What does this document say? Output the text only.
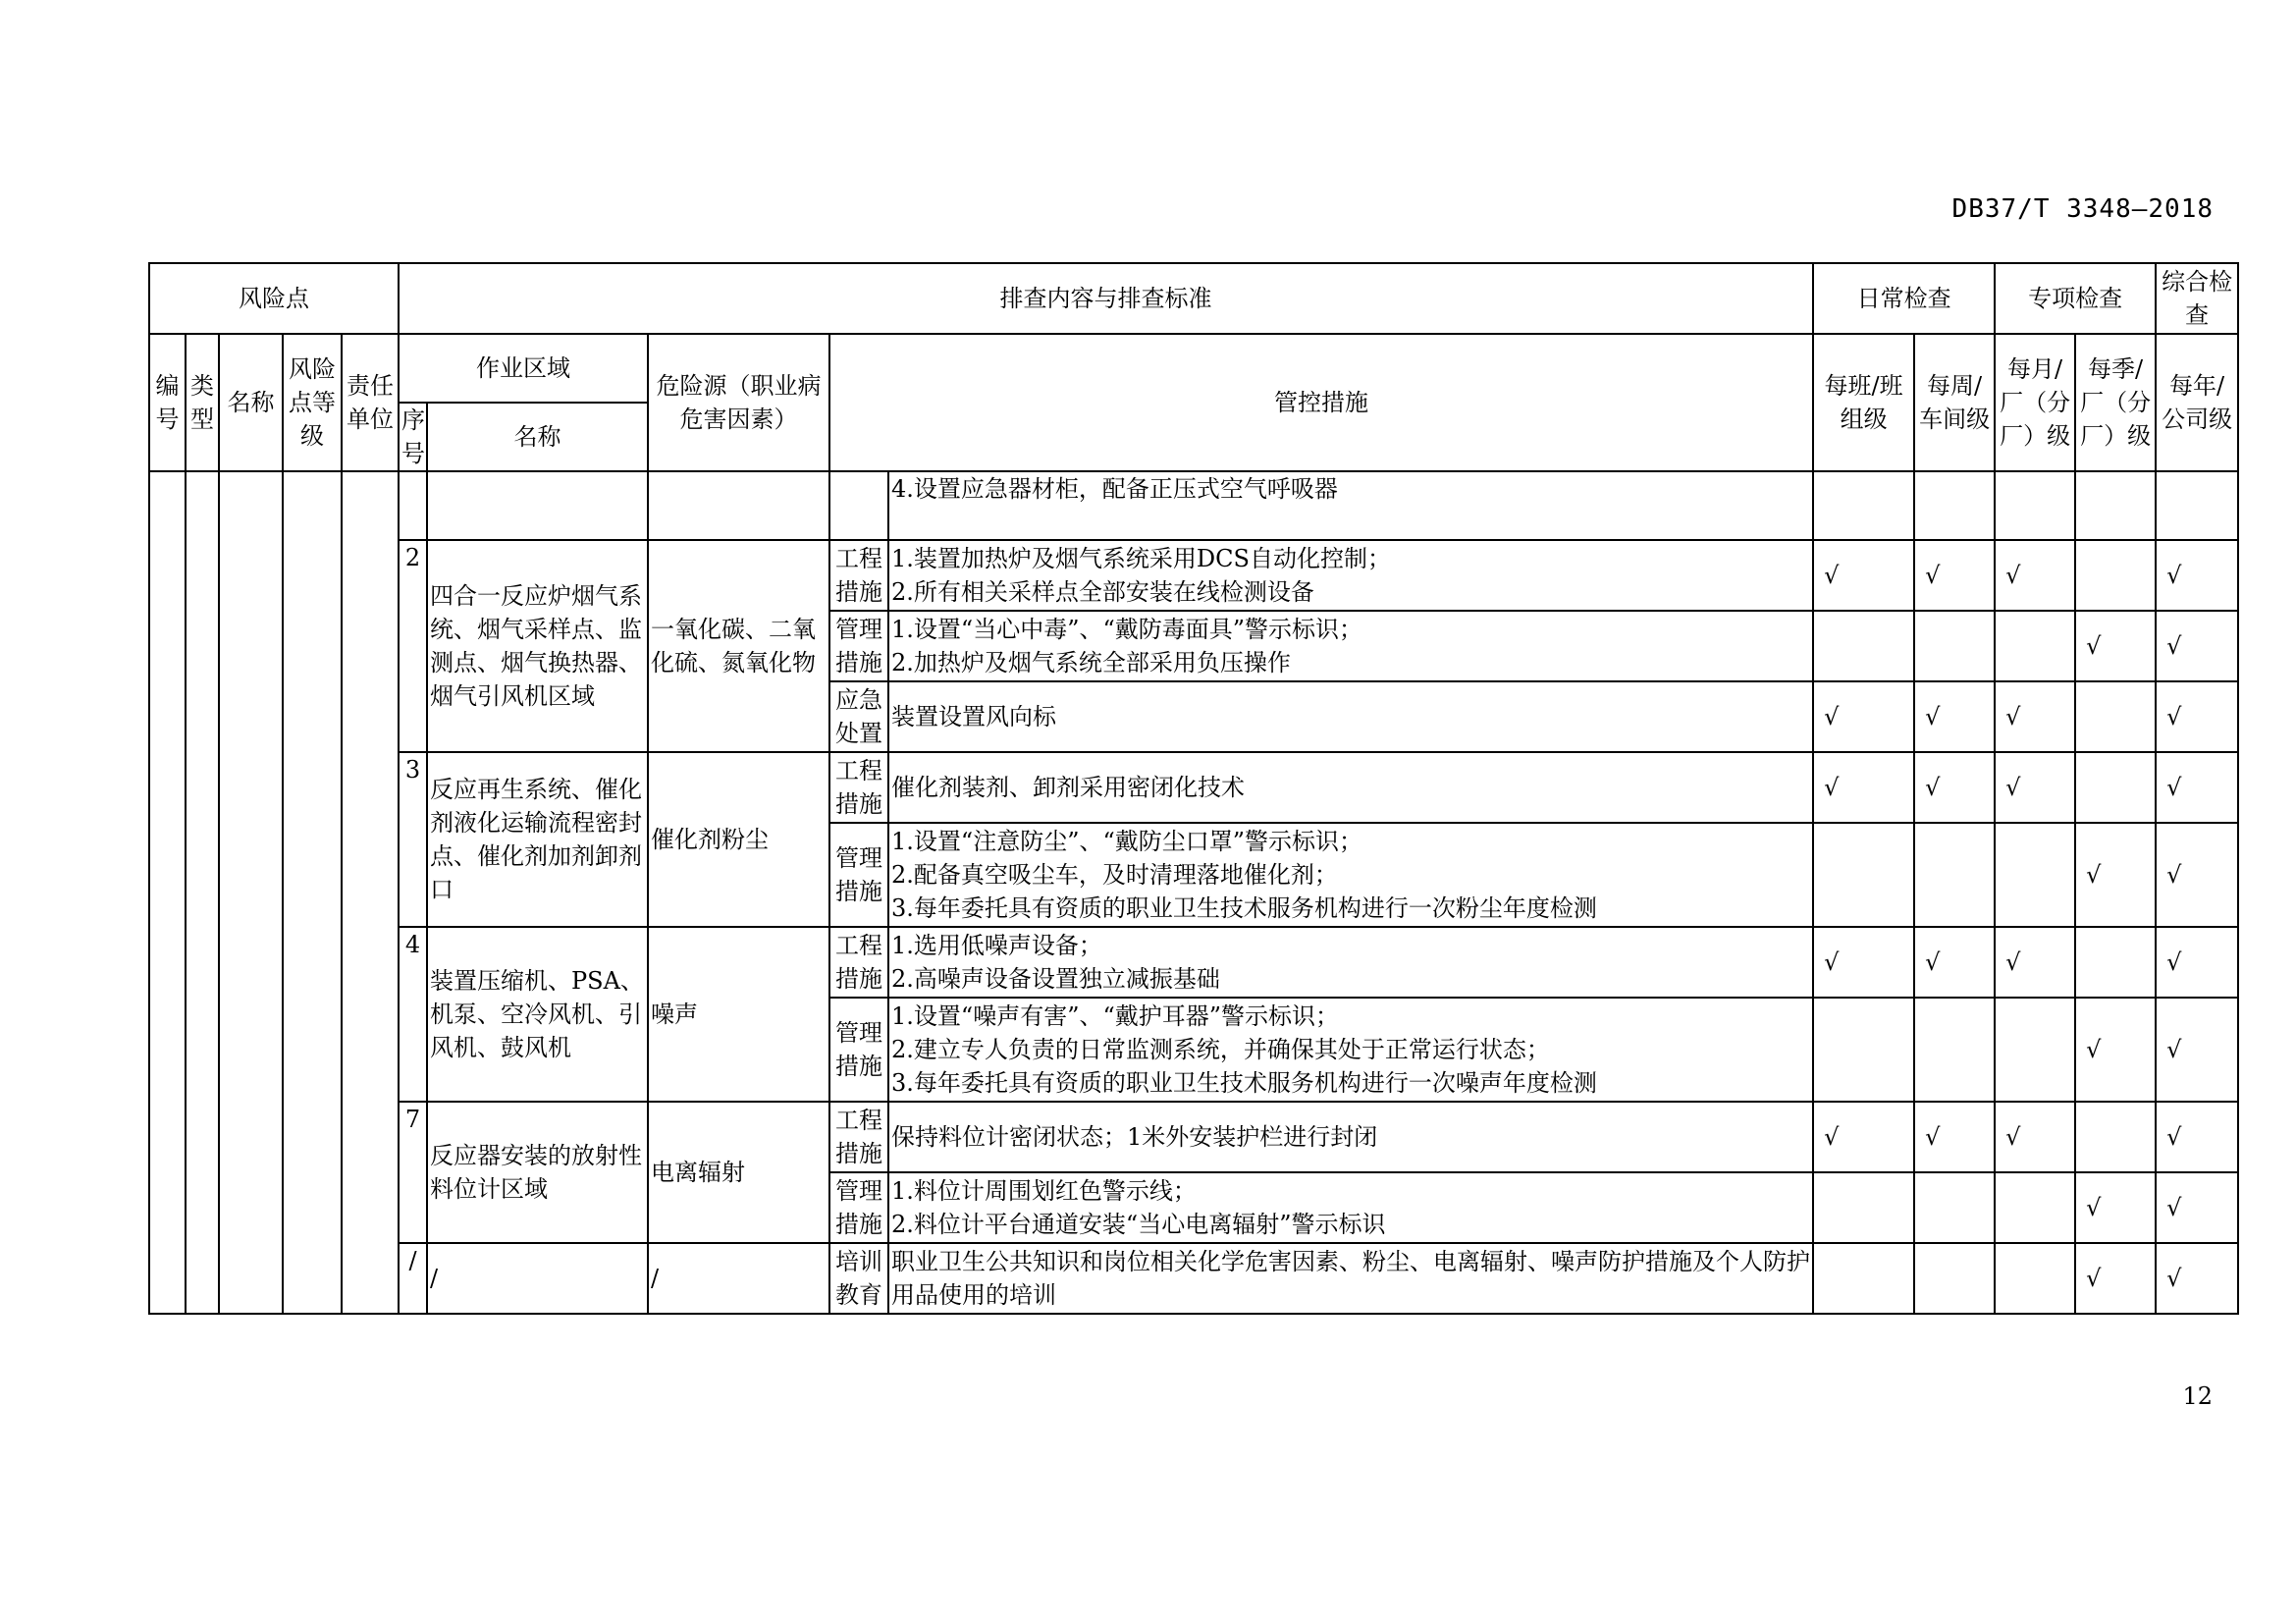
DB37/T 3348—2018
风险点					排查内容与排查标准					日常检查		专项检查		综合检查
编号	类型	名称	风险点等级	责任单位	作业区域		危险源（职业病危害因素）	管控措施		每班/班组级	每周/车间级	每月/厂（分厂）级	每季/厂（分厂）级	每年/公司级
					序号	名称								
									4.设置应急器材柜，配备正压式空气呼吸器					
					2	四合一反应炉烟气系统、烟气采样点、监测点、烟气换热器、烟气引风机区域	一氧化碳、二氧化硫、氮氧化物	工程措施	1.装置加热炉及烟气系统采用DCS自动化控制；
2.所有相关采样点全部安装在线检测设备	√	√	√		√
								管理措施	1.设置“当心中毒”、“戴防毒面具”警示标识；
2.加热炉及烟气系统全部采用负压操作				√	√
								应急处置	装置设置风向标	√	√	√		√
					3	反应再生系统、催化剂液化运输流程密封点、催化剂加剂卸剂口	催化剂粉尘	工程措施	催化剂装剂、卸剂采用密闭化技术	√	√	√		√
								管理措施	1.设置“注意防尘”、“戴防尘口罩”警示标识；
2.配备真空吸尘车，及时清理落地催化剂；
3.每年委托具有资质的职业卫生技术服务机构进行一次粉尘年度检测				√	√
					4	装置压缩机、PSA、机泵、空冷风机、引风机、鼓风机	噪声	工程措施	1.选用低噪声设备；
2.高噪声设备设置独立减振基础	√	√	√		√
								管理措施	1.设置“噪声有害”、“戴护耳器”警示标识；
2.建立专人负责的日常监测系统，并确保其处于正常运行状态；
3.每年委托具有资质的职业卫生技术服务机构进行一次噪声年度检测				√	√
					7	反应器安装的放射性料位计区域	电离辐射	工程措施	保持料位计密闭状态；1米外安装护栏进行封闭	√	√	√		√
								管理措施	1.料位计周围划红色警示线；
2.料位计平台通道安装“当心电离辐射”警示标识				√	√
					/	/	/	培训教育	职业卫生公共知识和岗位相关化学危害因素、粉尘、电离辐射、噪声防护措施及个人防护用品使用的培训				√	√
12
